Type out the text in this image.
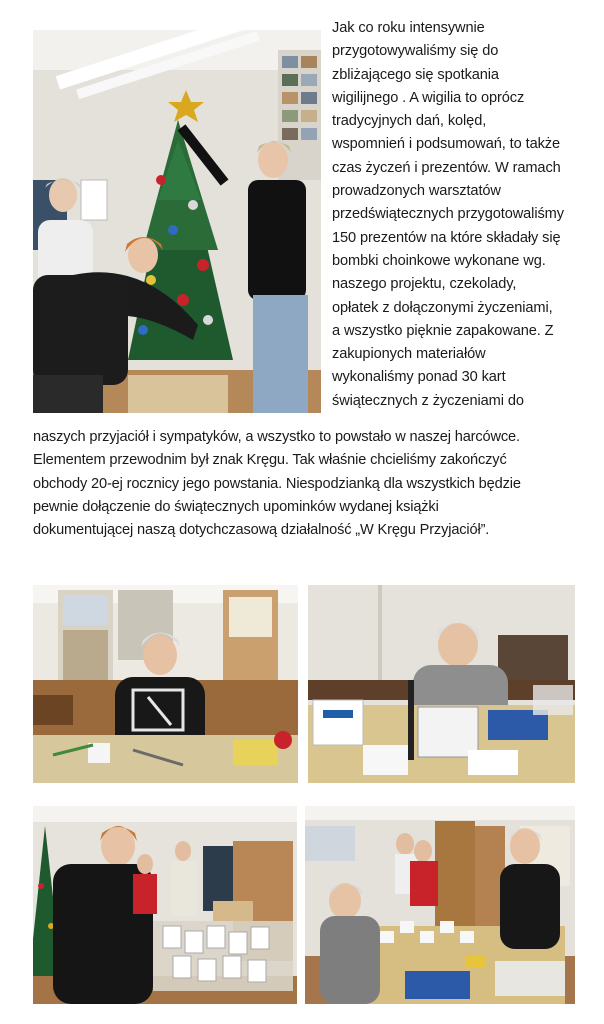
Jak co roku intensywnie
przygotowywaliśmy się do
zbliżającego się spotkania
wigilijnego . A wigilia to oprócz
tradycyjnych dań, kolęd,
wspomnień i podsumowań, to także
czas życzeń i prezentów. W ramach
prowadzonych warsztatów
przedświątecznych przygotowaliśmy
150 prezentów na które składały się
bombki choinkowe wykonane wg.
naszego projektu, czekolady,
opłatek z dołączonymi życzeniami,
a wszystko pięknie zapakowane. Z
zakupionych materiałów
wykonaliśmy ponad 30 kart
świątecznych z życzeniami do
naszych przyjaciół i sympatyków, a wszystko to powstało w naszej harcówce.
Elementem przewodnim był znak Kręgu. Tak właśnie chcieliśmy zakończyć
obchody 20-ej rocznicy jego powstania. Niespodzianką dla wszystkich będzie
pewnie dołączenie do świątecznych upominków wydanej książki
dokumentującej naszą dotychczasową działalność „W Kręgu Przyjaciół”.
